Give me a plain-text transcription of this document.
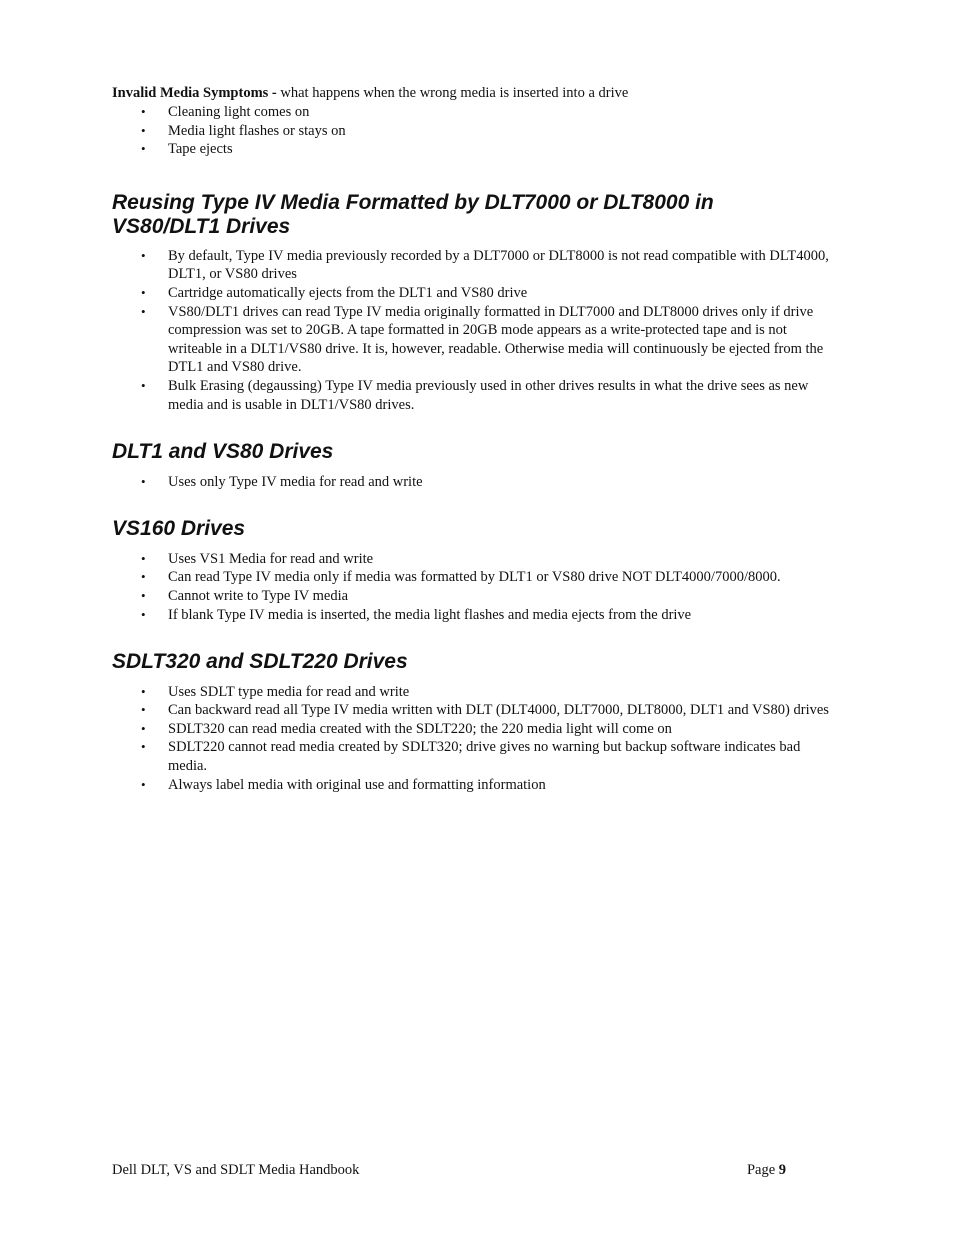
Invalid Media Symptoms - what happens when the wrong media is inserted into a drive

• Cleaning light comes on
• Media light flashes or stays on
• Tape ejects
Reusing Type IV Media Formatted by DLT7000 or DLT8000 in VS80/DLT1 Drives
• By default, Type IV media previously recorded by a DLT7000 or DLT8000 is not read compatible with DLT4000, DLT1, or VS80 drives
• Cartridge automatically ejects from the DLT1 and VS80 drive
• VS80/DLT1 drives can read Type IV media originally formatted in DLT7000 and DLT8000 drives only if drive compression was set to 20GB. A tape formatted in 20GB mode appears as a write-protected tape and is not writeable in a DLT1/VS80 drive. It is, however, readable. Otherwise media will continuously be ejected from the DTL1 and VS80 drive.
• Bulk Erasing (degaussing) Type IV media previously used in other drives results in what the drive sees as new media and is usable in DLT1/VS80 drives.
DLT1 and VS80 Drives
• Uses only Type IV media for read and write
VS160 Drives
• Uses VS1 Media for read and write
• Can read Type IV media only if media was formatted by DLT1 or VS80 drive NOT DLT4000/7000/8000.
• Cannot write to Type IV media
• If blank Type IV media is inserted, the media light flashes and media ejects from the drive
SDLT320 and SDLT220 Drives
• Uses SDLT type media for read and write
• Can backward read all Type IV media written with DLT (DLT4000, DLT7000, DLT8000, DLT1 and VS80) drives
• SDLT320 can read media created with the SDLT220; the 220 media light will come on
• SDLT220 cannot read media created by SDLT320; drive gives no warning but backup software indicates bad media.
• Always label media with original use and formatting information
Dell DLT, VS and SDLT Media Handbook	Page 9
